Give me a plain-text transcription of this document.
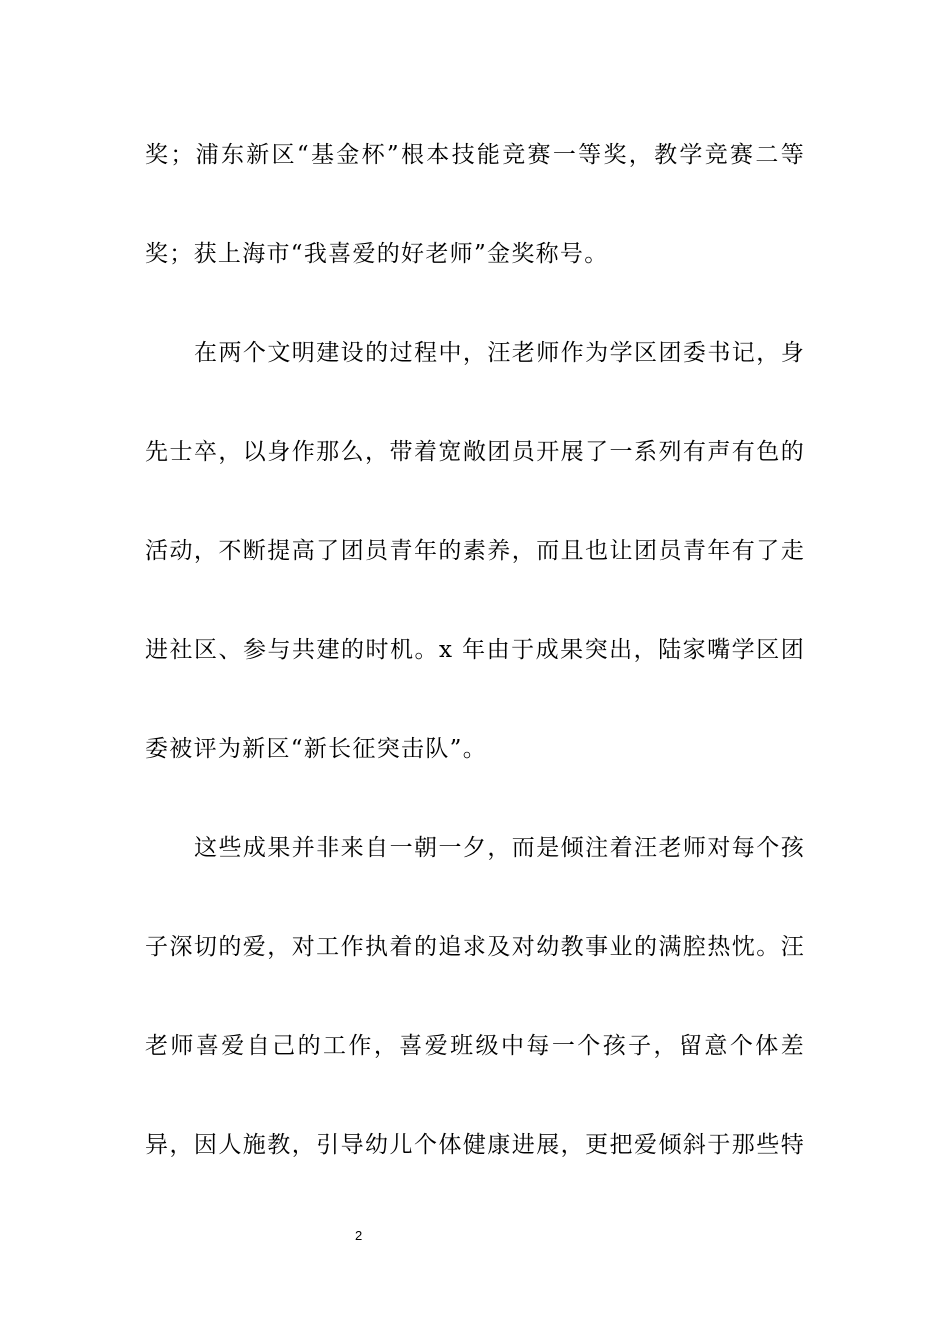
奖；浦东新区“基金杯”根本技能竞赛一等奖，教学竞赛二等
奖；获上海市“我喜爱的好老师”金奖称号。
在两个文明建设的过程中，汪老师作为学区团委书记，身
先士卒，以身作那么，带着宽敞团员开展了一系列有声有色的
活动，不断提高了团员青年的素养，而且也让团员青年有了走
进社区、参与共建的时机。x 年由于成果突出，陆家嘴学区团
委被评为新区“新长征突击队”。
这些成果并非来自一朝一夕，而是倾注着汪老师对每个孩
子深切的爱，对工作执着的追求及对幼教事业的满腔热忱。汪
老师喜爱自己的工作，喜爱班级中每一个孩子，留意个体差
异，因人施教，引导幼儿个体健康进展，更把爱倾斜于那些特
2
